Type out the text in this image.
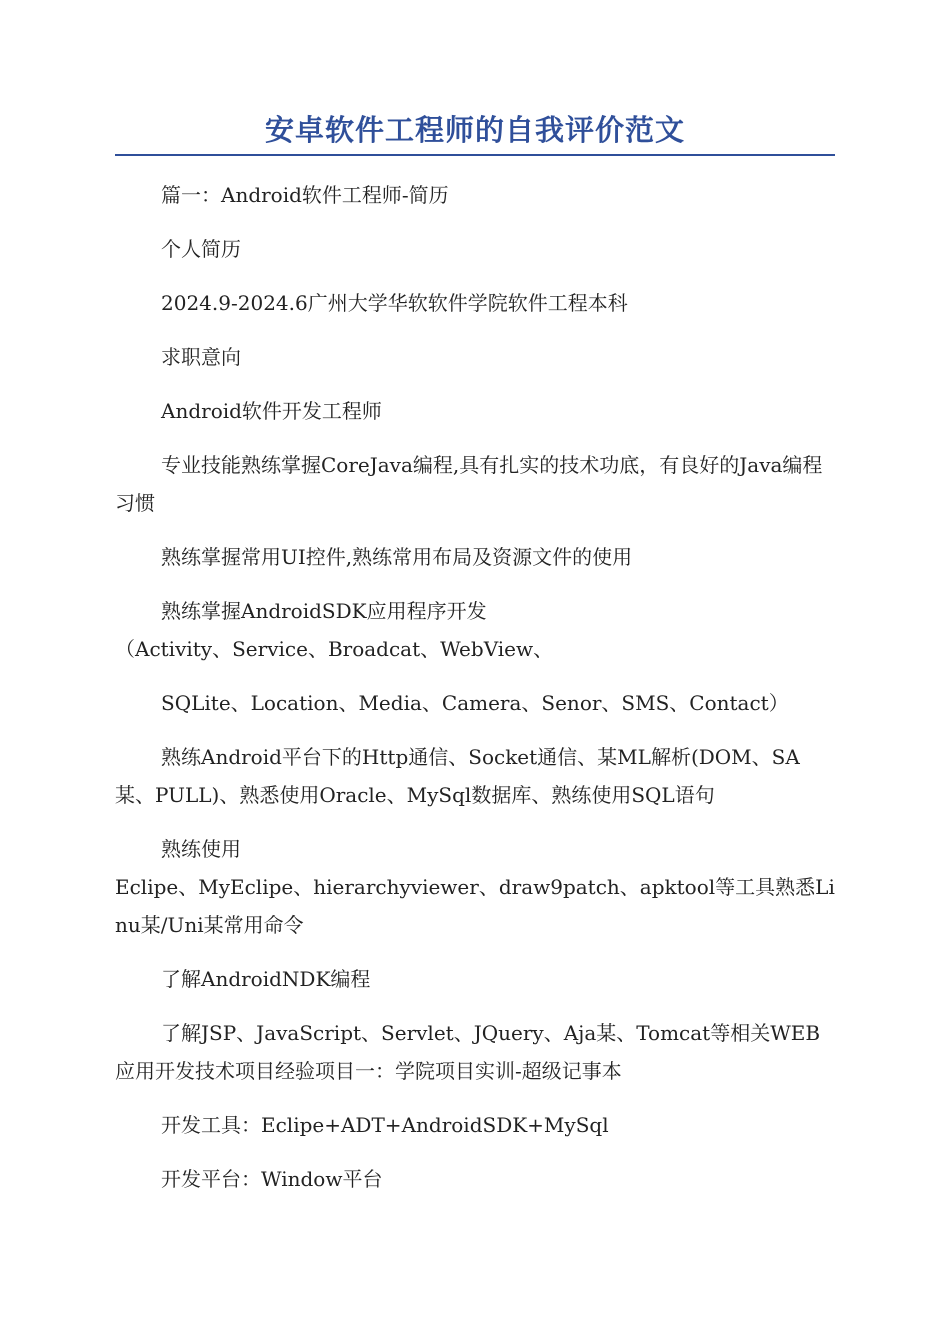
安卓软件工程师的自我评价范文

篇一：Android软件工程师-简历

个人简历

2024.9-2024.6广州大学华软软件学院软件工程本科

求职意向

Android软件开发工程师

专业技能熟练掌握CoreJava编程,具有扎实的技术功底，有良好的Java编程习惯

熟练掌握常用UI控件,熟练常用布局及资源文件的使用

熟练掌握AndroidSDK应用程序开发

（Activity、Service、Broadcat、WebView、

SQLite、Location、Media、Camera、Senor、SMS、Contact）

熟练Android平台下的Http通信、Socket通信、某ML解析(DOM、SA某、PULL)、熟悉使用Oracle、MySql数据库、熟练使用SQL语句

熟练使用

Eclipe、MyEclipe、hierarchyviewer、draw9patch、apktool等工具熟悉Linu某/Uni某常用命令

了解AndroidNDK编程

了解JSP、JavaScript、Servlet、JQuery、Aja某、Tomcat等相关WEB应用开发技术项目经验项目一：学院项目实训-超级记事本

开发工具：Eclipe+ADT+AndroidSDK+MySql

开发平台：Window平台
